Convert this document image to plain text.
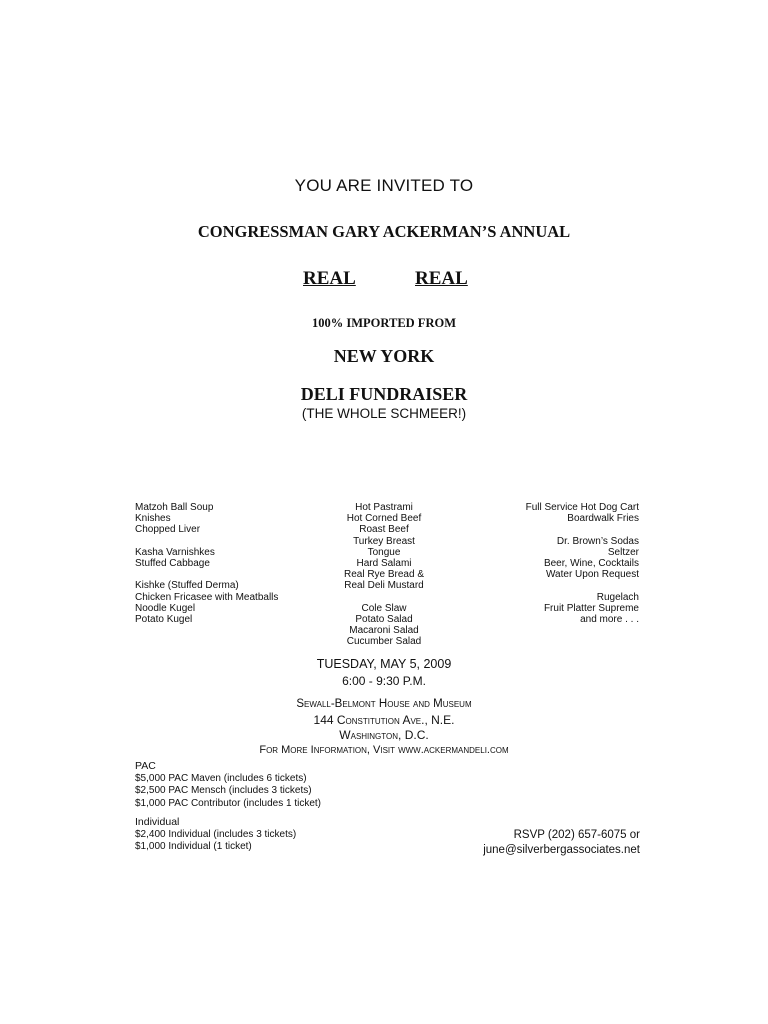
YOU ARE INVITED TO
CONGRESSMAN GARY ACKERMAN’S ANNUAL
REAL	REAL
100% IMPORTED FROM
NEW YORK
DELI FUNDRAISER
(THE WHOLE SCHMEER!)
Matzoh Ball Soup
Knishes
Chopped Liver
Kasha Varnishkes
Stuffed Cabbage
Kishke (Stuffed Derma)
Chicken Fricasee with Meatballs
Noodle Kugel
Potato Kugel
Hot Pastrami
Hot Corned Beef
Roast Beef
Turkey Breast
Tongue
Hard Salami
Real Rye Bread &
Real Deli Mustard
Cole Slaw
Potato Salad
Macaroni Salad
Cucumber Salad
Full Service Hot Dog Cart
Boardwalk Fries
Dr. Brown’s Sodas
Seltzer
Beer, Wine, Cocktails
Water Upon Request
Rugelach
Fruit Platter Supreme
and more . . .
TUESDAY, MAY 5, 2009
6:00 - 9:30 P.M.
Sewall-Belmont House and Museum
144 Constitution Ave., N.E.
Washington, D.C.
For More Information, Visit www.ackermandeli.com
PAC
$5,000 PAC Maven (includes 6 tickets)
$2,500 PAC Mensch (includes 3 tickets)
$1,000 PAC Contributor (includes 1 ticket)
Individual
$2,400 Individual (includes 3 tickets)
$1,000 Individual (1 ticket)
RSVP (202) 657-6075 or
june@silverbergassociates.net
